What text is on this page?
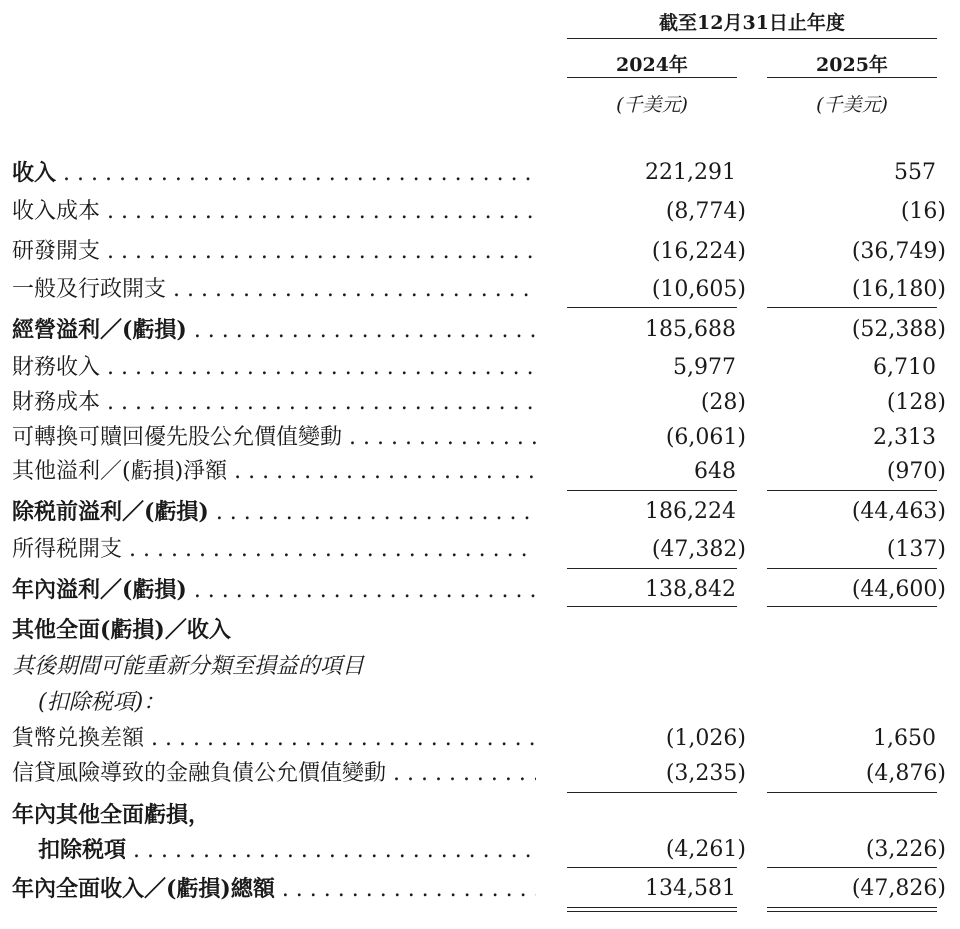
截至12月31日止年度
2024年	2025年
(千美元)	(千美元)
收入 . . .	221,291	557
收入成本 . . .	(8,774)	(16)
研發開支 . . .	(16,224)	(36,749)
一般及行政開支 . . .	(10,605)	(16,180)
經營溢利／(虧損) . . .	185,688	(52,388)
財務收入 . . .	5,977	6,710
財務成本 . . .	(28)	(128)
可轉換可贖回優先股公允價值變動 . . .	(6,061)	2,313
其他溢利／(虧損)淨額 . . .	648	(970)
除税前溢利／(虧損) . . .	186,224	(44,463)
所得税開支 . . .	(47,382)	(137)
年內溢利／(虧損) . . .	138,842	(44,600)
其他全面(虧損)／收入
其後期間可能重新分類至損益的項目
(扣除税項)：
貨幣兑換差額 . . .	(1,026)	1,650
信貸風險導致的金融負債公允價值變動 . . .	(3,235)	(4,876)
年內其他全面虧損，
扣除税項 . . .	(4,261)	(3,226)
年內全面收入／(虧損)總額 . . .	134,581	(47,826)
